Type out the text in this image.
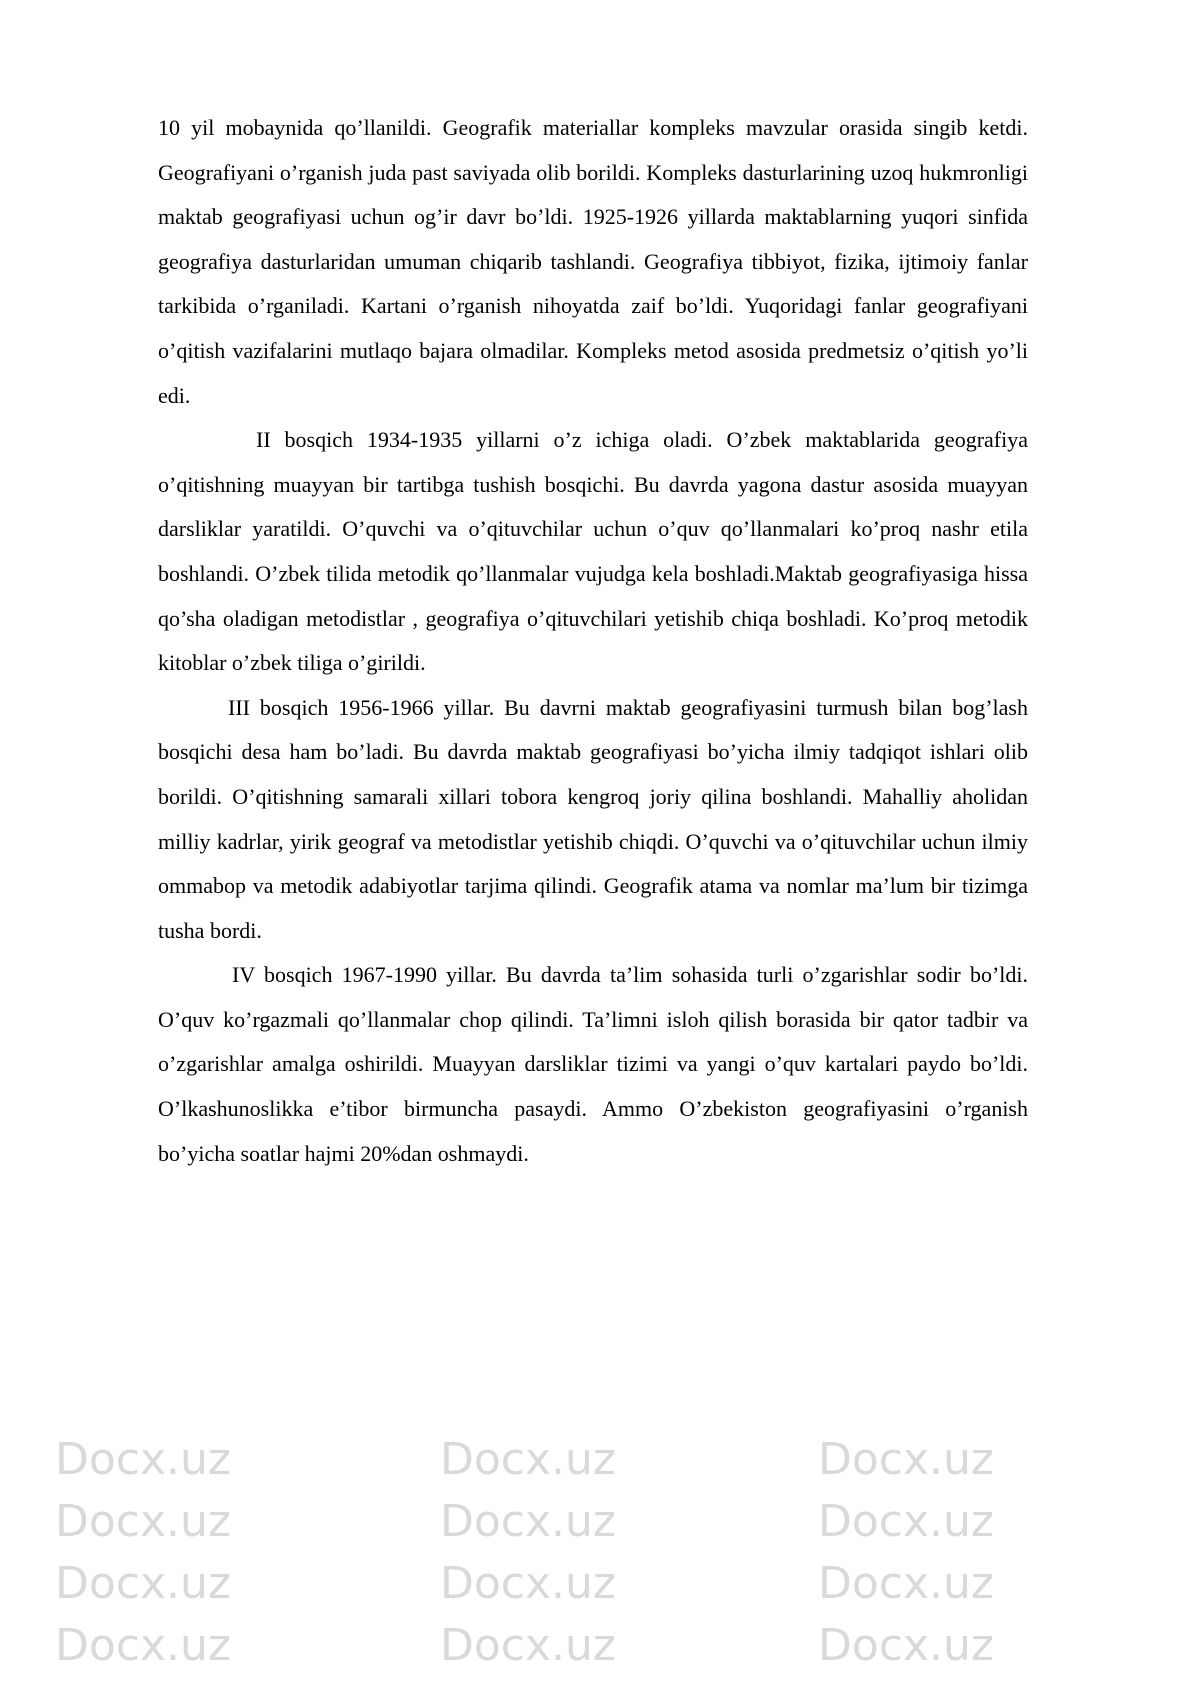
10 yil mobaynida qo’llanildi. Geografik materiallar kompleks mavzular orasida singib ketdi. Geografiyani o’rganish juda past saviyada olib borildi. Kompleks dasturlarining uzoq hukmronligi maktab geografiyasi uchun og’ir davr bo’ldi. 1925-1926 yillarda maktablarning yuqori sinfida geografiya dasturlaridan umuman chiqarib tashlandi. Geografiya tibbiyot, fizika, ijtimoiy fanlar tarkibida o’rganiladi. Kartani o’rganish nihoyatda zaif bo’ldi. Yuqoridagi fanlar geografiyani o’qitish vazifalarini mutlaqo bajara olmadilar. Kompleks metod asosida predmetsiz o’qitish yo’li edi.

II bosqich 1934-1935 yillarni o’z ichiga oladi. O’zbek maktablarida geografiya o’qitishning muayyan bir tartibga tushish bosqichi. Bu davrda yagona dastur asosida muayyan darsliklar yaratildi. O’quvchi va o’qituvchilar uchun o’quv qo’llanmalari ko’proq nashr etila boshlandi. O’zbek tilida metodik qo’llanmalar vujudga kela boshladi.Maktab geografiyasiga hissa qo’sha oladigan metodistlar , geografiya o’qituvchilari yetishib chiqa boshladi. Ko’proq metodik kitoblar o’zbek tiliga o’girildi.

III bosqich 1956-1966 yillar. Bu davrni maktab geografiyasini turmush bilan bog’lash bosqichi desa ham bo’ladi. Bu davrda maktab geografiyasi bo’yicha ilmiy tadqiqot ishlari olib borildi. O’qitishning samarali xillari tobora kengroq joriy qilina boshlandi. Mahalliy aholidan milliy kadrlar, yirik geograf va metodistlar yetishib chiqdi. O’quvchi va o’qituvchilar uchun ilmiy ommabop va metodik adabiyotlar tarjima qilindi. Geografik atama va nomlar ma’lum bir tizimga tusha bordi.

IV bosqich 1967-1990 yillar. Bu davrda ta’lim sohasida turli o’zgarishlar sodir bo’ldi. O’quv ko’rgazmali qo’llanmalar chop qilindi. Ta’limni isloh qilish borasida bir qator tadbir va o’zgarishlar amalga oshirildi. Muayyan darsliklar tizimi va yangi o’quv kartalari paydo bo’ldi. O’lkashunoslikka e’tibor birmuncha pasaydi. Ammo O’zbekiston geografiyasini o’rganish bo’yicha soatlar hajmi 20%dan oshmaydi.

Docx.uz	Docx.uz	Docx.uz
Docx.uz	Docx.uz	Docx.uz
Docx.uz	Docx.uz	Docx.uz
Docx.uz	Docx.uz	Docx.uz
